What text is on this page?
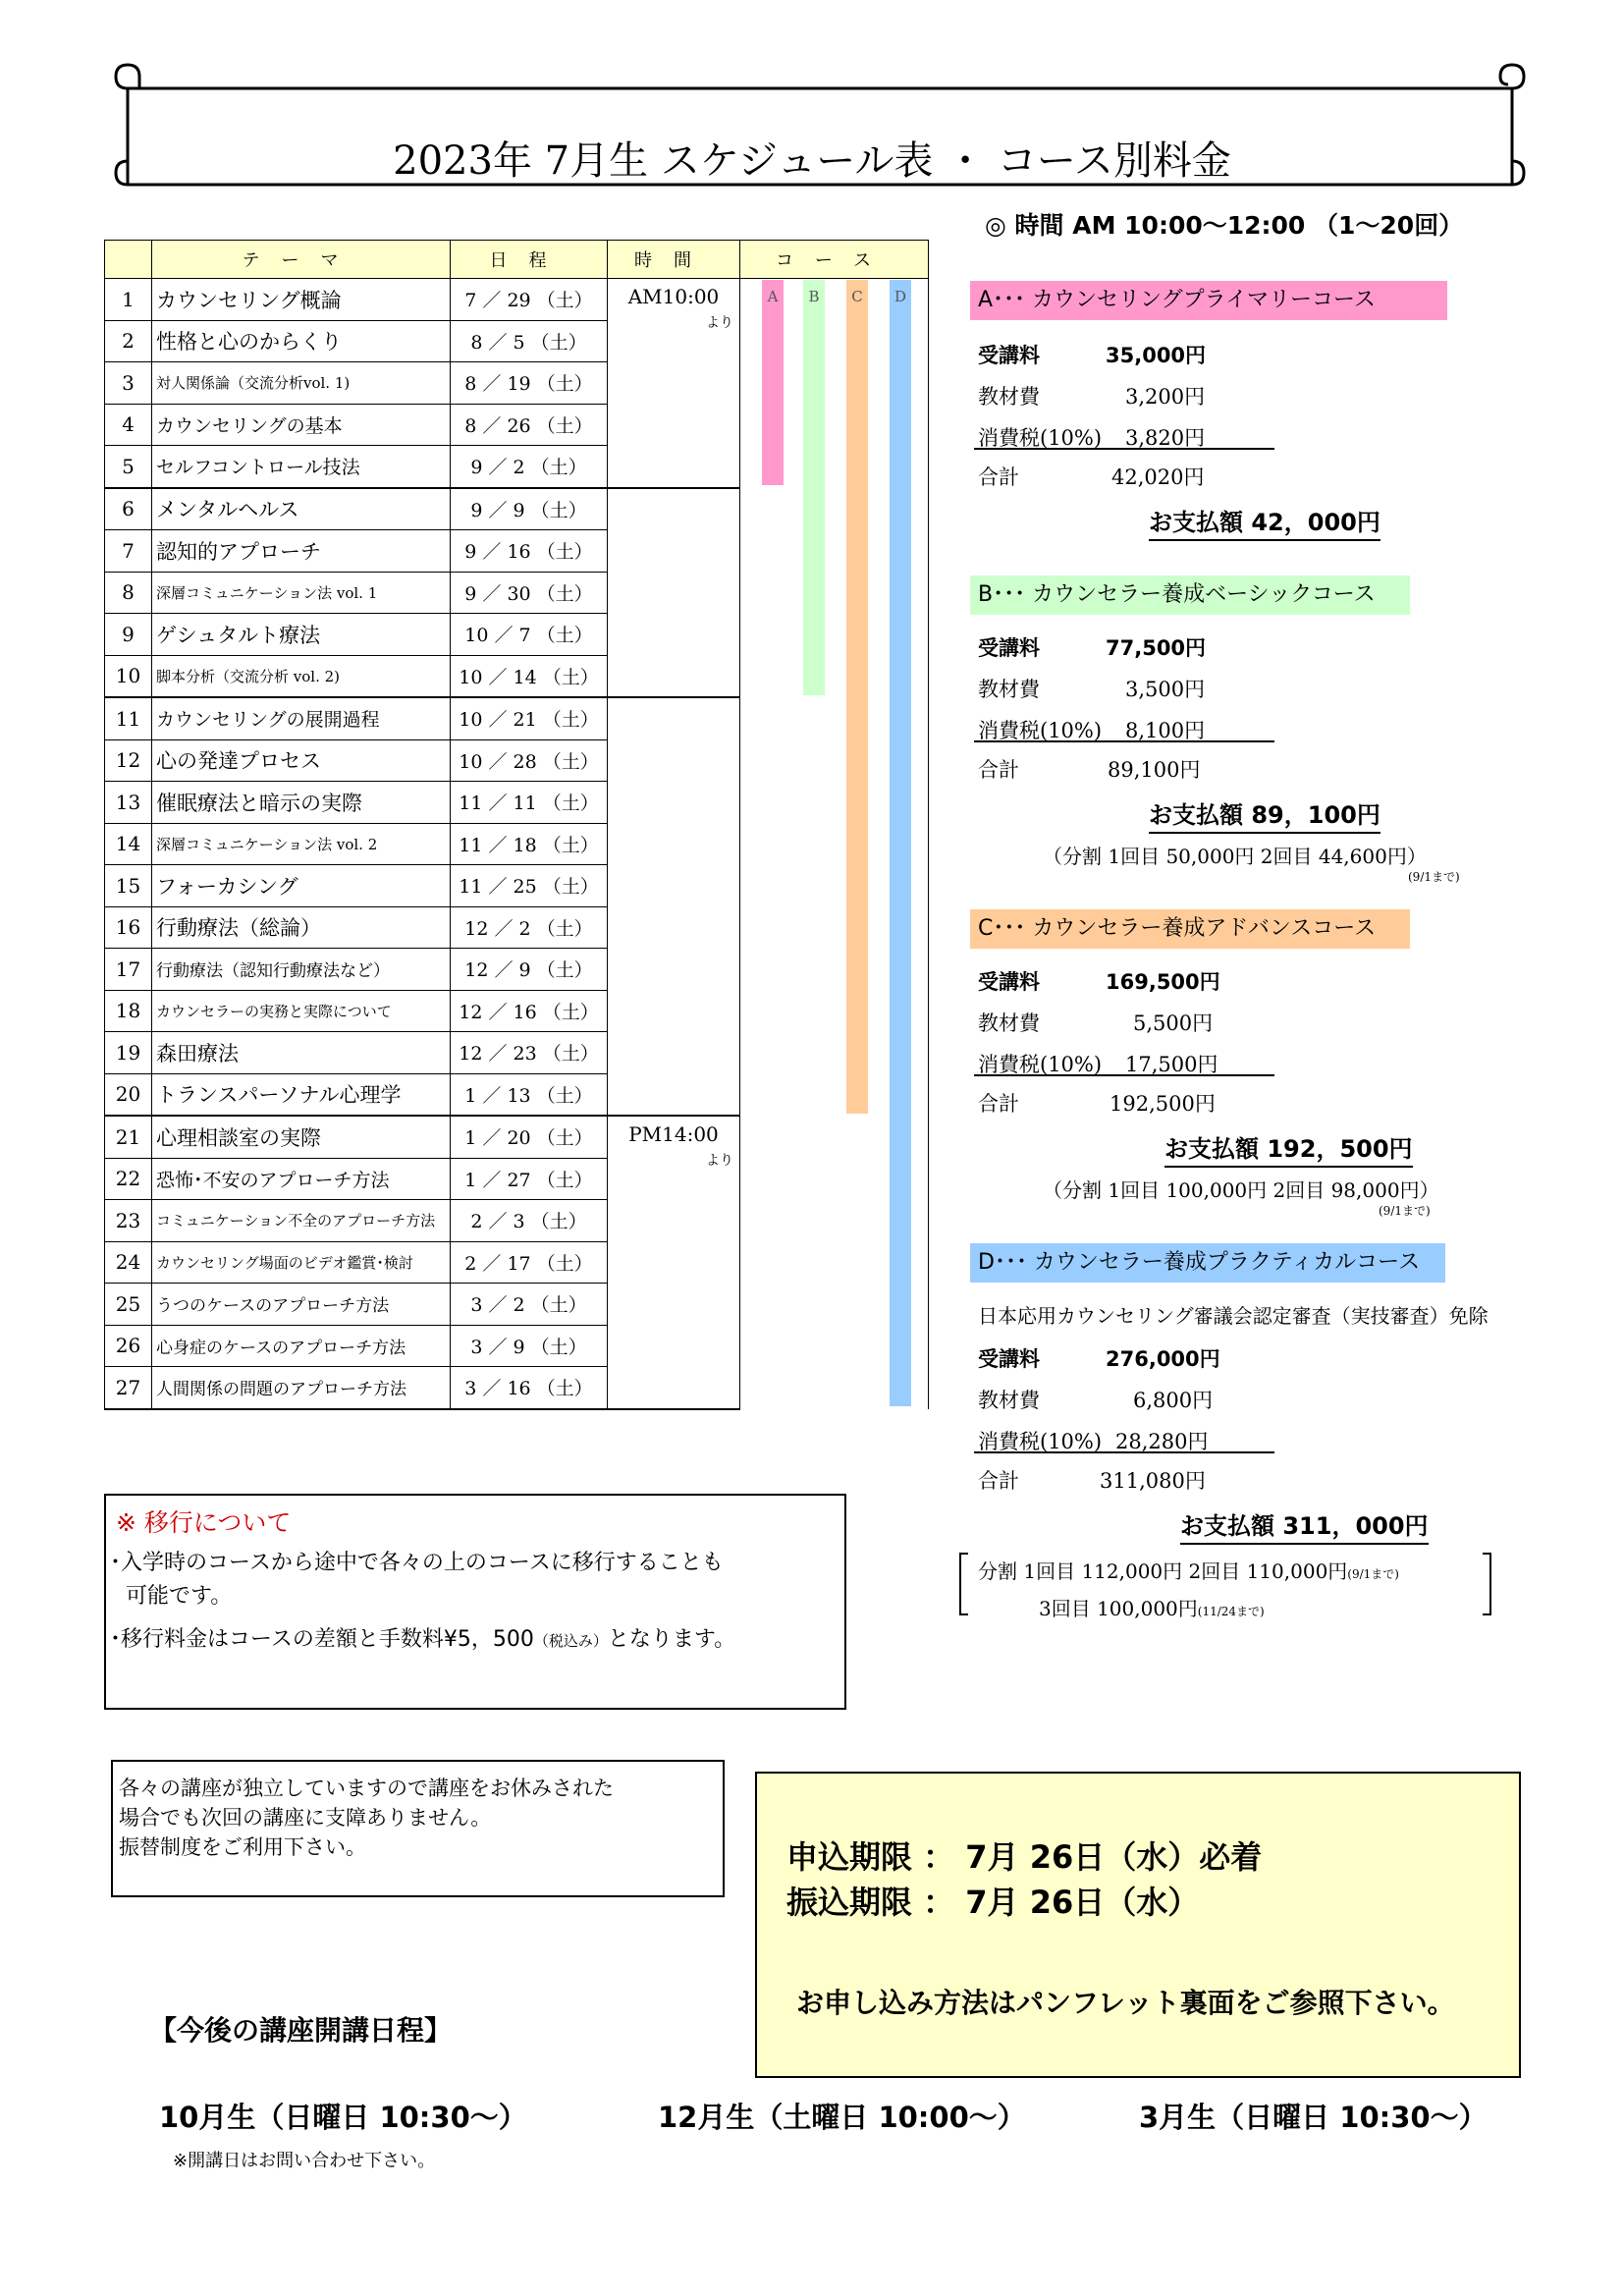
2023年 7月生 スケジュール表 ・ コース別料金
◎ 時間 AM 10:00〜12:00 （1〜20回）
	テーマ	日程	時間	コース
1	カウンセリング概論	7 ／ 29 （土）	AM10:00
より	

2	性格と心のからくり	8 ／ 5 （土）		
3	対人関係論（交流分析vol. 1)	8 ／ 19 （土）		
4	カウンセリングの基本	8 ／ 26 （土）		
5	セルフコントロール技法	9 ／ 2 （土）		
6	メンタルヘルス	9 ／ 9 （土）		
7	認知的アプローチ	9 ／ 16 （土）		
8	深層コミュニケーション法 vol. 1	9 ／ 30 （土）		
9	ゲシュタルト療法	10 ／ 7 （土）		
10	脚本分析（交流分析 vol. 2)	10 ／ 14 （土）		
11	カウンセリングの展開過程	10 ／ 21 （土）		
12	心の発達プロセス	10 ／ 28 （土）		
13	催眠療法と暗示の実際	11 ／ 11 （土）		
14	深層コミュニケーション法 vol. 2	11 ／ 18 （土）		
15	フォーカシング	11 ／ 25 （土）		
16	行動療法（総論）	12 ／ 2 （土）		
17	行動療法（認知行動療法など）	12 ／ 9 （土）		
18	カウンセラーの実務と実際について	12 ／ 16 （土）		
19	森田療法	12 ／ 23 （土）		
20	トランスパーソナル心理学	1 ／ 13 （土）		
21	心理相談室の実際	1 ／ 20 （土）	PM14:00
より	

22	恐怖･不安のアプローチ方法	1 ／ 27 （土）		
23	コミュニケーション不全のアプローチ方法	2 ／ 3 （土）		
24	カウンセリング場面のビデオ鑑賞･検討	2 ／ 17 （土）		
25	うつのケースのアプローチ方法	3 ／ 2 （土）		
26	心身症のケースのアプローチ方法	3 ／ 9 （土）		
27	人間関係の問題のアプローチ方法	3 ／ 16 （土）		
A･･･ カウンセリングプライマリーコース
受講料	35,000円
教材費	3,200円
消費税(10%) 3,820円
合計	42,020円
お支払額 42，000円
B･･･ カウンセラー養成ベーシックコース
受講料	77,500円
教材費	3,500円
消費税(10%) 8,100円
合計	89,100円
お支払額 89，100円
（分割 1回目 50,000円 2回目 44,600円）
(9/1まで)
C･･･ カウンセラー養成アドバンスコース
受講料	169,500円
教材費	5,500円
消費税(10%) 17,500円
合計	192,500円
お支払額 192，500円
（分割 1回目 100,000円 2回目 98,000円）
(9/1まで)
D･･･ カウンセラー養成プラクティカルコース
日本応用カウンセリング審議会認定審査（実技審査）免除
受講料	276,000円
教材費	6,800円
消費税(10%) 28,280円
合計	311,080円
お支払額 311，000円
分割 1回目 112,000円 2回目 110,000円(9/1まで)
3回目 100,000円(11/24まで)
※ 移行について
･入学時のコースから途中で各々の上のコースに移行することも
可能です。
･移行料金はコースの差額と手数料¥5，500（税込み）となります。
各々の講座が独立していますので講座をお休みされた
場合でも次回の講座に支障ありません。
振替制度をご利用下さい。	申込期限 ： 7月 26日（水）必着
振込期限 ： 7月 26日（水）
お申し込み方法はパンフレット裏面をご参照下さい。
【今後の講座開講日程】
10月生（日曜日 10:30〜）	12月生（土曜日 10:00〜）	3月生（日曜日 10:30〜）
※開講日はお問い合わせ下さい。
A	B	C	D
